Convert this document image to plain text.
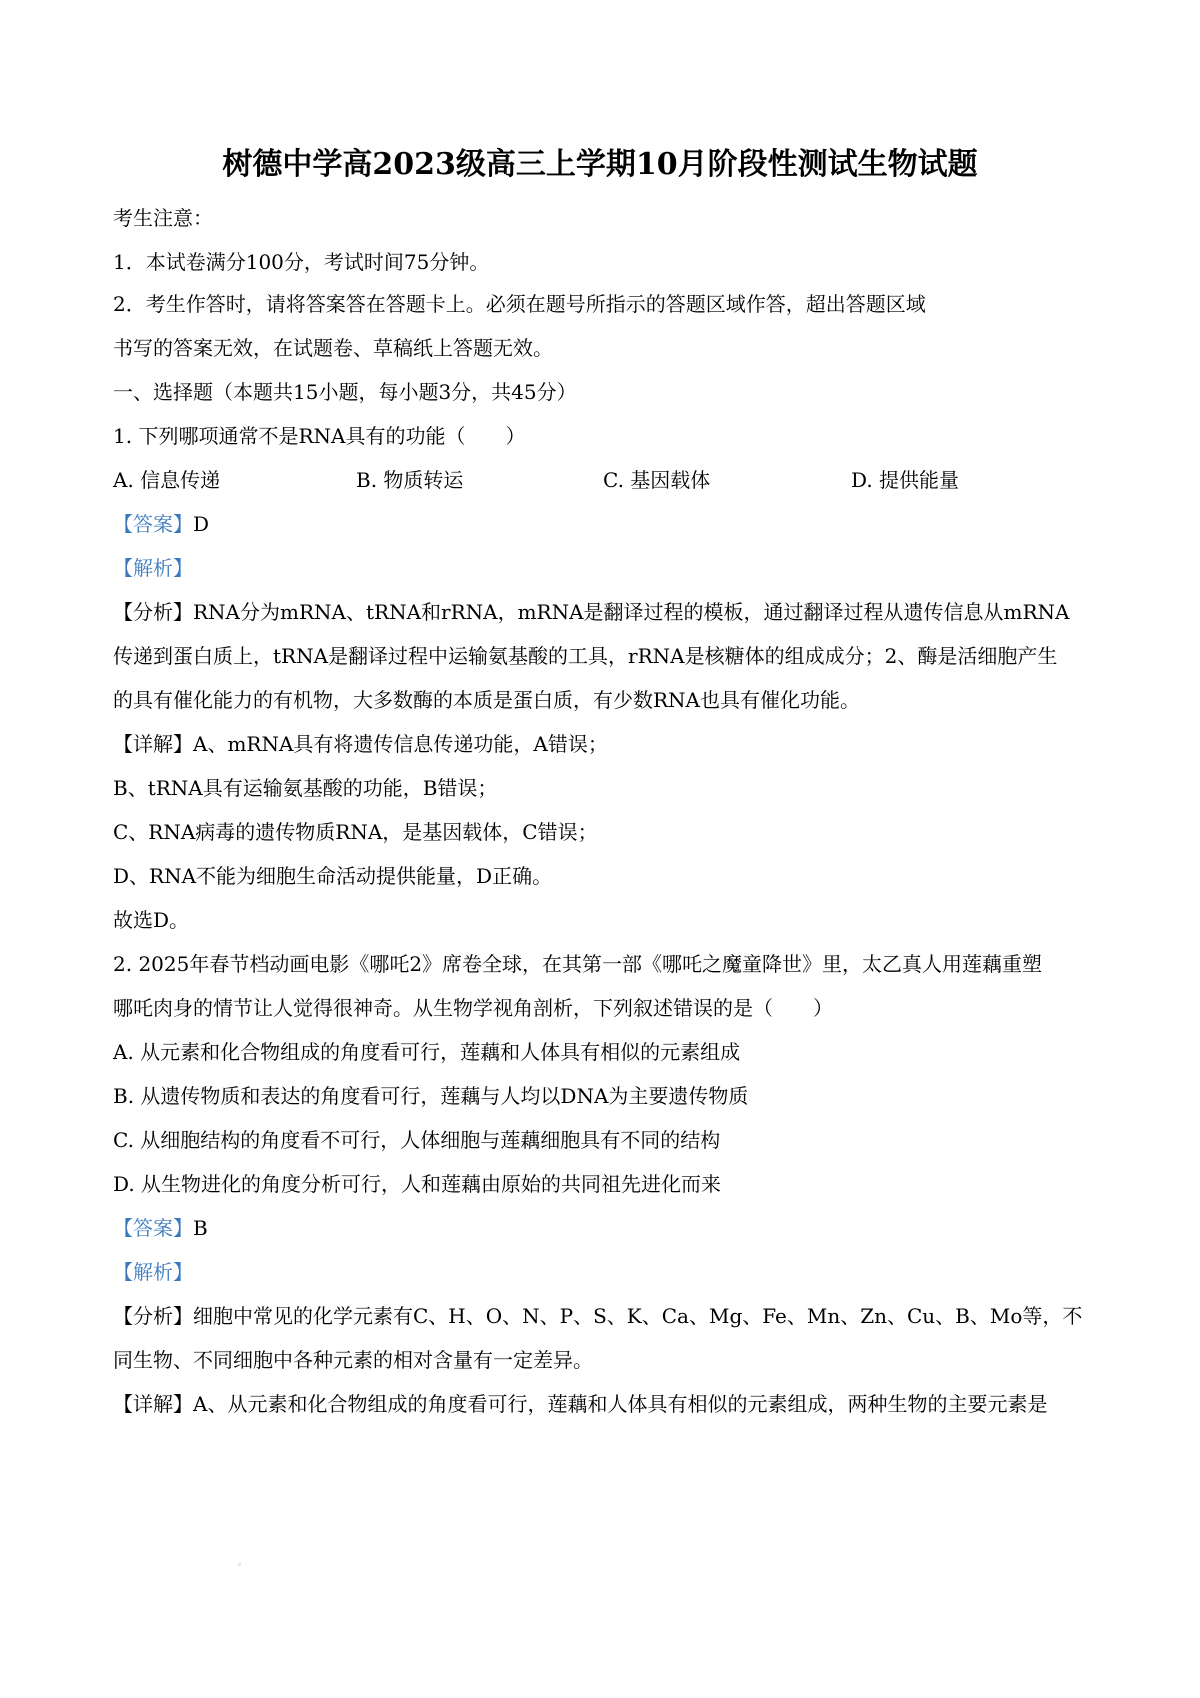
树德中学高2023级高三上学期10月阶段性测试生物试题
考生注意：
1．本试卷满分100分，考试时间75分钟。
2．考生作答时，请将答案答在答题卡上。必须在题号所指示的答题区域作答，超出答题区域
书写的答案无效，在试题卷、草稿纸上答题无效。
一、选择题（本题共15小题，每小题3分，共45分）
1. 下列哪项通常不是RNA具有的功能（　　）
A. 信息传递	B. 物质转运	C. 基因载体	D. 提供能量
【答案】D
【解析】
【分析】RNA分为mRNA、tRNA和rRNA，mRNA是翻译过程的模板，通过翻译过程从遗传信息从mRNA
传递到蛋白质上，tRNA是翻译过程中运输氨基酸的工具，rRNA是核糖体的组成成分；2、酶是活细胞产生
的具有催化能力的有机物，大多数酶的本质是蛋白质，有少数RNA也具有催化功能。
【详解】A、mRNA具有将遗传信息传递功能，A错误；
B、tRNA具有运输氨基酸的功能，B错误；
C、RNA病毒的遗传物质RNA，是基因载体，C错误；
D、RNA不能为细胞生命活动提供能量，D正确。
故选D。
2. 2025年春节档动画电影《哪吒2》席卷全球，在其第一部《哪吒之魔童降世》里，太乙真人用莲藕重塑
哪吒肉身的情节让人觉得很神奇。从生物学视角剖析，下列叙述错误的是（　　）
A. 从元素和化合物组成的角度看可行，莲藕和人体具有相似的元素组成
B. 从遗传物质和表达的角度看可行，莲藕与人均以DNA为主要遗传物质
C. 从细胞结构的角度看不可行，人体细胞与莲藕细胞具有不同的结构
D. 从生物进化的角度分析可行，人和莲藕由原始的共同祖先进化而来
【答案】B
【解析】
【分析】细胞中常见的化学元素有C、H、O、N、P、S、K、Ca、Mg、Fe、Mn、Zn、Cu、B、Mo等，不
同生物、不同细胞中各种元素的相对含量有一定差异。
【详解】A、从元素和化合物组成的角度看可行，莲藕和人体具有相似的元素组成，两种生物的主要元素是
